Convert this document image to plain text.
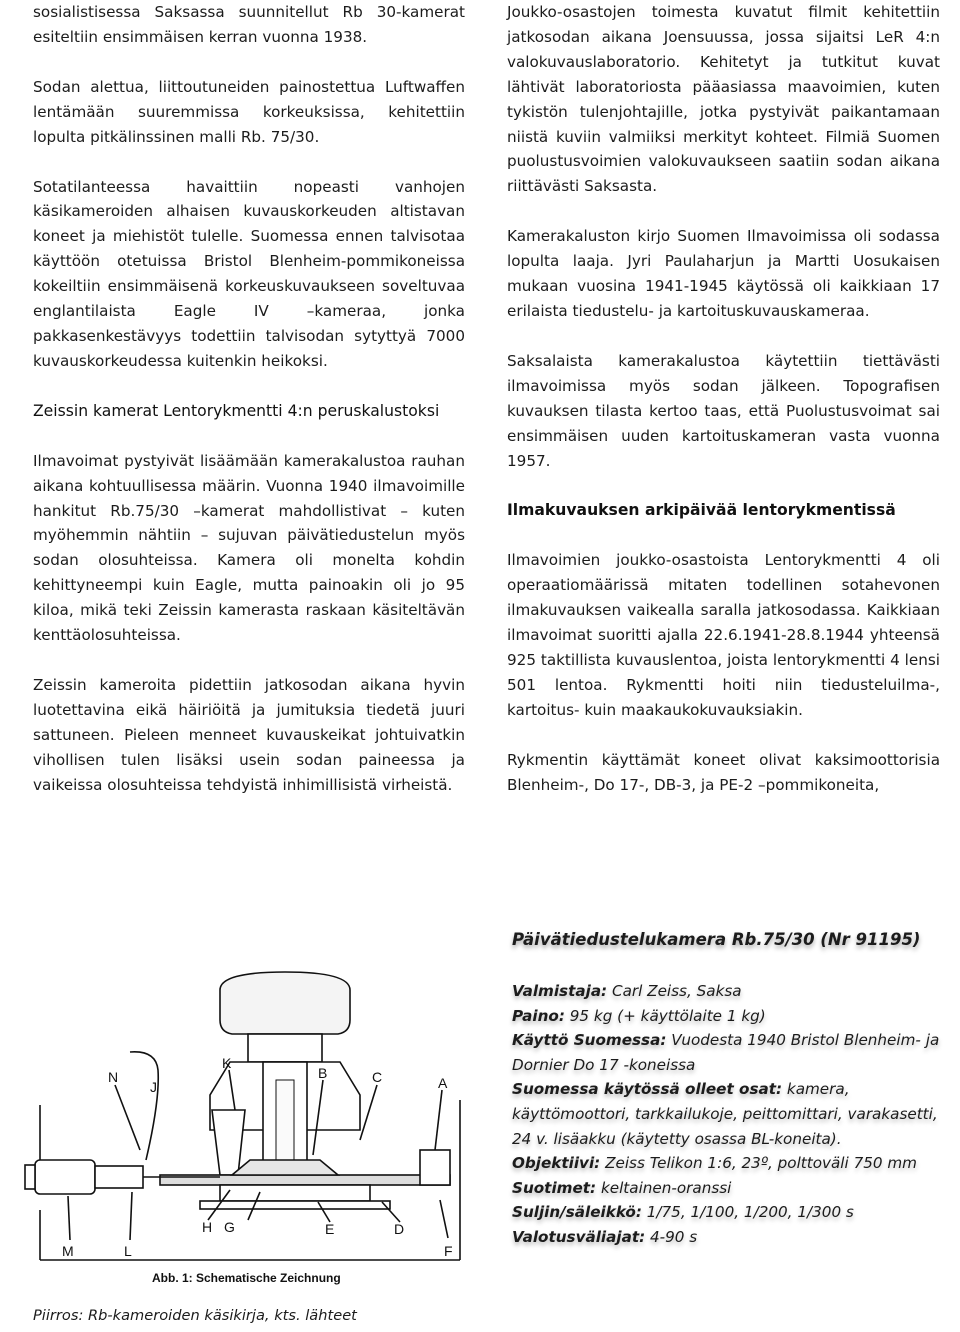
sosialistisessa Saksassa suunnitellut Rb 30-kamerat esiteltiin ensimmäisen kerran vuonna 1938.

Sodan alettua, liittoutuneiden painostettua Luftwaffen lentämään suuremmissa korkeuksissa, kehitettiin lopulta pitkälinssinen malli Rb. 75/30.

Sotatilanteessa havaittiin nopeasti vanhojen käsikameroiden alhaisen kuvauskorkeuden altistavan koneet ja miehistöt tulelle. Suomessa ennen talvisotaa käyttöön otetuissa Bristol Blenheim-pommikoneissa kokeiltiin ensimmäisenä korkeuskuvaukseen soveltuvaa englantilaista Eagle IV –kameraa, jonka pakkasenkestävyys todettiin talvisodan sytyttyä 7000 kuvauskorkeudessa kuitenkin heikoksi.

Zeissin kamerat Lentorykmentti 4:n peruskalustoksi

Ilmavoimat pystyivät lisäämään kamerakalustoa rauhan aikana kohtuullisessa määrin. Vuonna 1940 ilmavoimille hankitut Rb.75/30 –kamerat mahdollistivat – kuten myöhemmin nähtiin – sujuvan päivätiedustelun myös sodan olosuhteissa. Kamera oli monelta kohdin kehittyneempi kuin Eagle, mutta painoakin oli jo 95 kiloa, mikä teki Zeissin kamerasta raskaan käsiteltävän kenttäolosuhteissa.

Zeissin kameroita pidettiin jatkosodan aikana hyvin luotettavina eikä häiriöitä ja jumituksia tiedetä juuri sattuneen. Pieleen menneet kuvauskeikat johtuivatkin vihollisen tulen lisäksi usein sodan paineessa ja vaikeissa olosuhteissa tehdyistä inhimillisistä virheistä.

Joukko-osastojen toimesta kuvatut filmit kehitettiin jatkosodan aikana Joensuussa, jossa sijaitsi LeR 4:n valokuvauslaboratorio. Kehitetyt ja tutkitut kuvat lähtivät laboratoriosta pääasiassa maavoimien, kuten tykistön tulenjohtajille, jotka pystyivät paikantamaan niistä kuviin valmiiksi merkityt kohteet. Filmiä Suomen puolustusvoimien valokuvaukseen saatiin sodan aikana riittävästi Saksasta.

Kamerakaluston kirjo Suomen Ilmavoimissa oli sodassa lopulta laaja. Jyri Paulaharjun ja Martti Uosukaisen mukaan vuosina 1941-1945 käytössä oli kaikkiaan 17 erilaista tiedustelu- ja kartoituskuvauskameraa.

Saksalaista kamerakalustoa käytettiin tiettävästi ilmavoimissa myös sodan jälkeen. Topografisen kuvauksen tilasta kertoo taas, että Puolustusvoimat sai ensimmäisen uuden kartoituskameran vasta vuonna 1957.

Ilmakuvauksen arkipäivää lentorykmentissä

Ilmavoimien joukko-osastoista Lentorykmentti 4 oli operaatiomäärissä mitaten todellinen sotahevonen ilmakuvauksen vaikealla saralla jatkosodassa. Kaikkiaan ilmavoimat suoritti ajalla 22.6.1941-28.8.1944 yhteensä 925 taktillista kuvauslentoa, joista lentorykmentti 4 lensi 501 lentoa. Rykmentti hoiti niin tiedusteluilma-, kartoitus- kuin maakaukokuvauksiakin.

Rykmentin käyttämät koneet olivat kaksimoottorisia Blenheim-, Do 17-, DB-3, ja PE-2 –pommikoneita,

Päivätiedustelukamera Rb.75/30 (Nr 91195)
Valmistaja: Carl Zeiss, Saksa
Paino: 95 kg (+ käyttölaite 1 kg)
Käyttö Suomessa: Vuodesta 1940 Bristol Blenheim- ja Dornier Do 17 -koneissa
Suomessa käytössä olleet osat: kamera, käyttömoottori, tarkkailukoje, peittomittari, varakasetti, 24 v. lisäakku (käytetty osassa BL-koneita).
Objektiivi: Zeiss Telikon 1:6, 23º, polttoväli 750 mm
Suotimet: keltainen-oranssi
Suljin/säleikkö: 1/75, 1/100, 1/200, 1/300 s
Valotusväliajat: 4-90 s
N
J
K
B	C	A
H G	E	D
M	L	F
Abb. 1: Schematische Zeichnung
Piirros: Rb-kameroiden käsikirja, kts. lähteet
